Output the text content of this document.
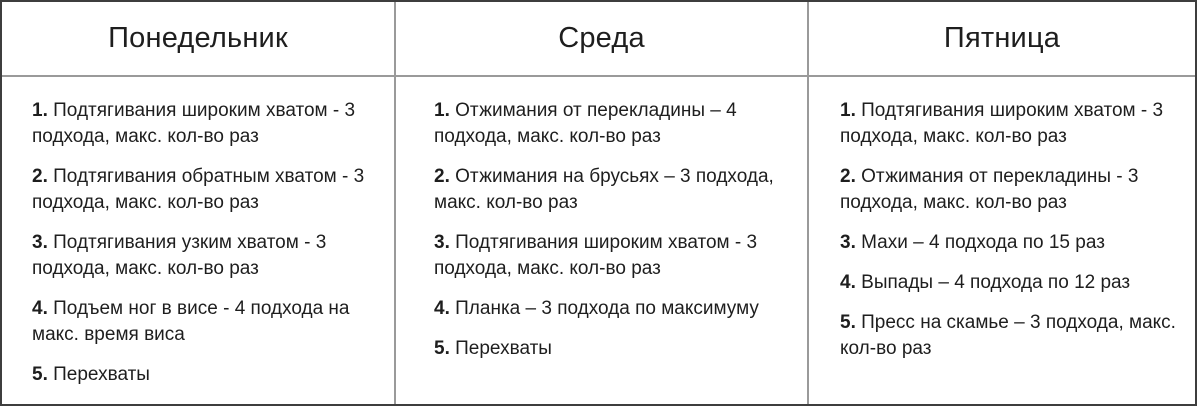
Понедельник

1. Подтягивания широким хватом - 3 подхода, макс. кол-во раз

2. Подтягивания обратным хватом - 3 подхода, макс. кол-во раз

3. Подтягивания узким хватом - 3 подхода, макс. кол-во раз

4. Подъем ног в висе - 4 подхода на макс. время виса

5. Перехваты

Среда

1. Отжимания от перекладины – 4 подхода, макс. кол-во раз

2. Отжимания на брусьях – 3 подхода, макс. кол-во раз

3. Подтягивания широким хватом - 3 подхода, макс. кол-во раз

4. Планка – 3 подхода по максимуму

5. Перехваты

Пятница

1. Подтягивания широким хватом - 3 подхода, макс. кол-во раз

2. Отжимания от перекладины - 3 подхода, макс. кол-во раз

3. Махи – 4 подхода по 15 раз

4. Выпады – 4 подхода по 12 раз

5. Пресс на скамье – 3 подхода, макс. кол-во раз
